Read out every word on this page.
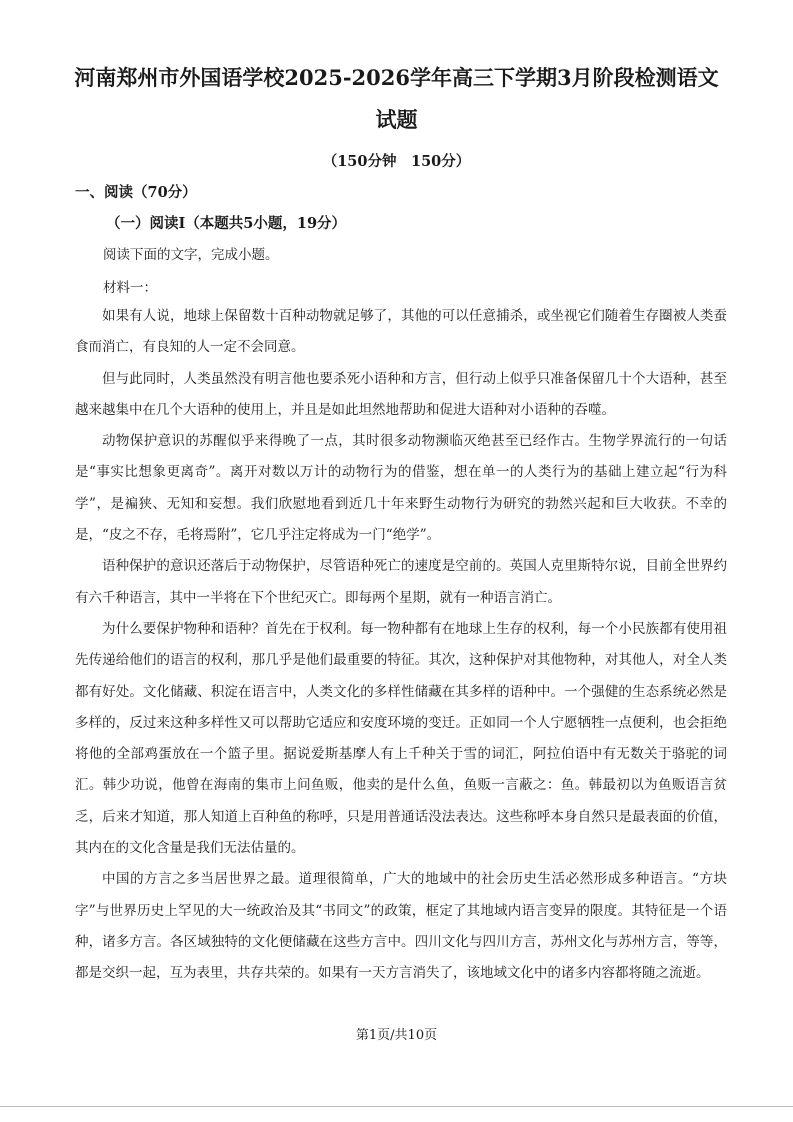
河南郑州市外国语学校2025-2026学年高三下学期3月阶段检测语文
试题

（150分钟　150分）

一、阅读（70分）

（一）阅读Ⅰ（本题共5小题，19分）

阅读下面的文字，完成小题。

材料一：

如果有人说，地球上保留数十百种动物就足够了，其他的可以任意捕杀，或坐视它们随着生存圈被人类蚕食而消亡，有良知的人一定不会同意。

但与此同时，人类虽然没有明言他也要杀死小语种和方言，但行动上似乎只准备保留几十个大语种，甚至越来越集中在几个大语种的使用上，并且是如此坦然地帮助和促进大语种对小语种的吞噬。

动物保护意识的苏醒似乎来得晚了一点，其时很多动物濒临灭绝甚至已经作古。生物学界流行的一句话是“事实比想象更离奇”。离开对数以万计的动物行为的借鉴，想在单一的人类行为的基础上建立起“行为科学”，是褊狭、无知和妄想。我们欣慰地看到近几十年来野生动物行为研究的勃然兴起和巨大收获。不幸的是，“皮之不存，毛将焉附”，它几乎注定将成为一门“绝学”。

语种保护的意识还落后于动物保护，尽管语种死亡的速度是空前的。英国人克里斯特尔说，目前全世界约有六千种语言，其中一半将在下个世纪灭亡。即每两个星期，就有一种语言消亡。

为什么要保护物种和语种？首先在于权利。每一物种都有在地球上生存的权利，每一个小民族都有使用祖先传递给他们的语言的权利，那几乎是他们最重要的特征。其次，这种保护对其他物种，对其他人，对全人类都有好处。文化储藏、积淀在语言中，人类文化的多样性储藏在其多样的语种中。一个强健的生态系统必然是多样的，反过来这种多样性又可以帮助它适应和安度环境的变迁。正如同一个人宁愿牺牲一点便利，也会拒绝将他的全部鸡蛋放在一个篮子里。据说爱斯基摩人有上千种关于雪的词汇，阿拉伯语中有无数关于骆驼的词汇。韩少功说，他曾在海南的集市上问鱼贩，他卖的是什么鱼，鱼贩一言蔽之：鱼。韩最初以为鱼贩语言贫乏，后来才知道，那人知道上百种鱼的称呼，只是用普通话没法表达。这些称呼本身自然只是最表面的价值，其内在的文化含量是我们无法估量的。

中国的方言之多当居世界之最。道理很简单，广大的地域中的社会历史生活必然形成多种语言。“方块字”与世界历史上罕见的大一统政治及其“书同文”的政策，框定了其地域内语言变异的限度。其特征是一个语种，诸多方言。各区域独特的文化便储藏在这些方言中。四川文化与四川方言，苏州文化与苏州方言，等等，都是交织一起，互为表里，共存共荣的。如果有一天方言消失了，该地域文化中的诸多内容都将随之流逝。

第1页/共10页
